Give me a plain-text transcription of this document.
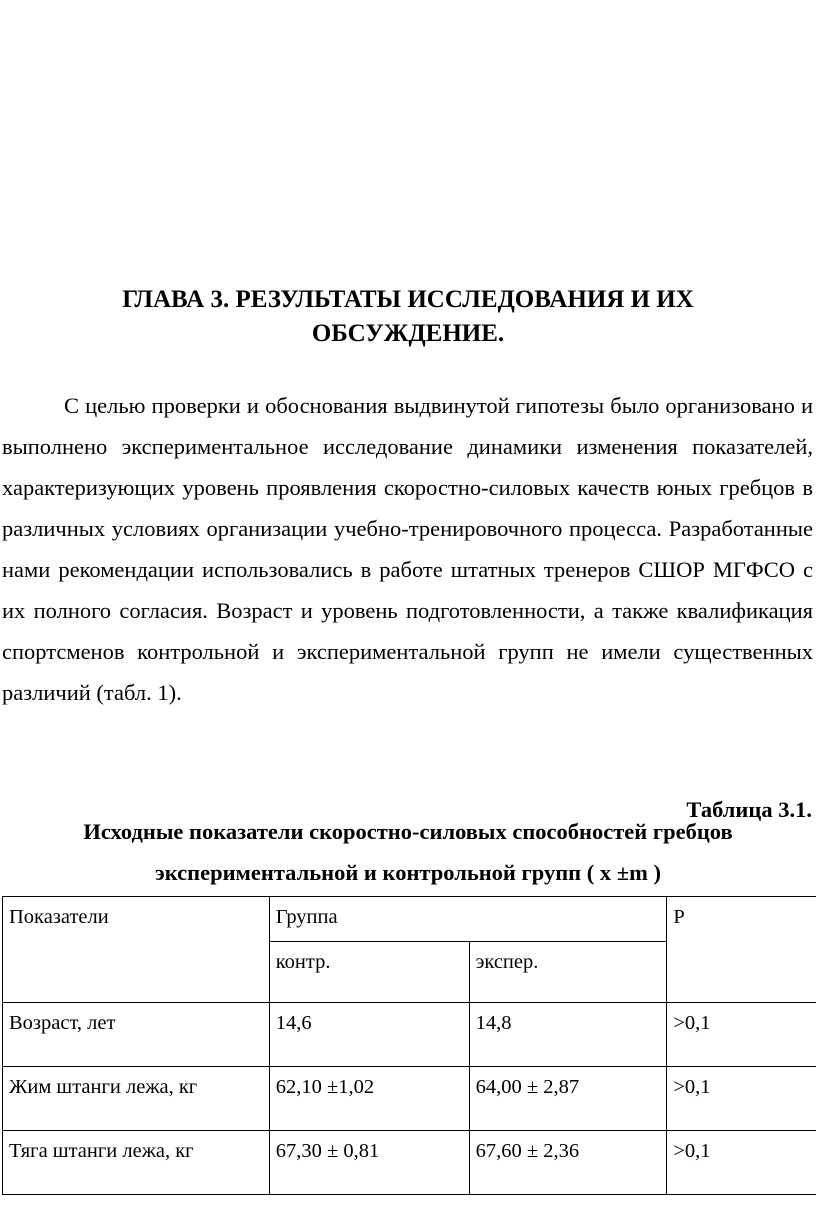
ГЛАВА 3. РЕЗУЛЬТАТЫ ИССЛЕДОВАНИЯ И ИХ
ОБСУЖДЕНИЕ.

С целью проверки и обоснования выдвинутой гипотезы было организовано и выполнено экспериментальное исследование динамики изменения показателей, характеризующих уровень проявления скоростно-силовых качеств юных гребцов в различных условиях организации учебно-тренировочного процесса. Разработанные нами рекомендации использовались в работе штатных тренеров СШОР МГФСО с их полного согласия. Возраст и уровень подготовленности, а также квалификация спортсменов контрольной и экспериментальной групп не имели существенных различий (табл. 1).

Таблица 3.1.
Исходные показатели скоростно-силовых способностей гребцов
экспериментальной и контрольной групп ( x ±m )
Показатели	Группа		Р
	контр.	экспер.	
Возраст, лет	14,6	14,8	>0,1
Жим штанги лежа, кг	62,10 ±1,02	64,00 ± 2,87	>0,1
Тяга штанги лежа, кг	67,30 ± 0,81	67,60 ± 2,36	>0,1
